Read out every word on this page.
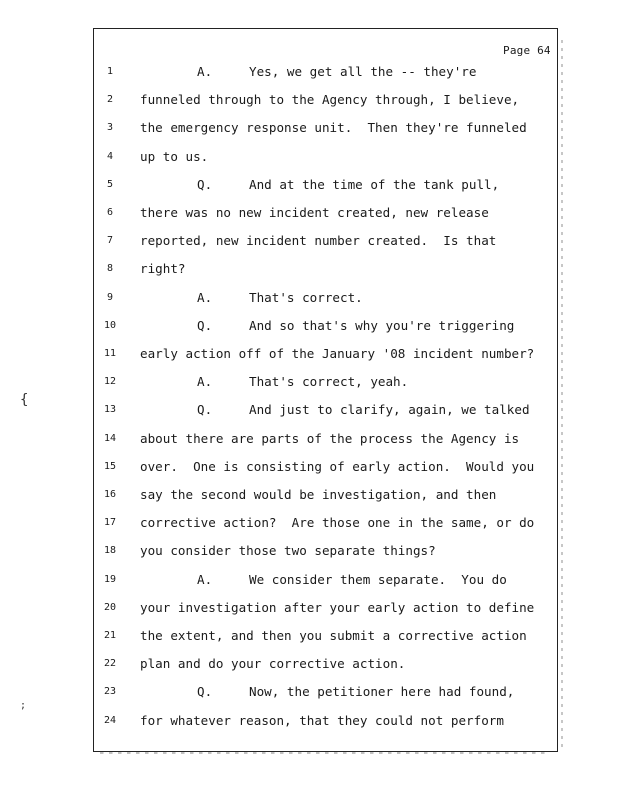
Page 64
{
;
1	A.	Yes, we get all the -- they're
2	funneled through to the Agency through, I believe,
3	the emergency response unit.  Then they're funneled
4	up to us.
5	Q.	And at the time of the tank pull,
6	there was no new incident created, new release
7	reported, new incident number created.  Is that
8	right?
9	A.	That's correct.
10	Q.	And so that's why you're triggering
11	early action off of the January '08 incident number?
12	A.	That's correct, yeah.
13	Q.	And just to clarify, again, we talked
14	about there are parts of the process the Agency is
15	over.  One is consisting of early action.  Would you
16	say the second would be investigation, and then
17	corrective action?  Are those one in the same, or do
18	you consider those two separate things?
19	A.	We consider them separate.  You do
20	your investigation after your early action to define
21	the extent, and then you submit a corrective action
22	plan and do your corrective action.
23	Q.	Now, the petitioner here had found,
24	for whatever reason, that they could not perform
